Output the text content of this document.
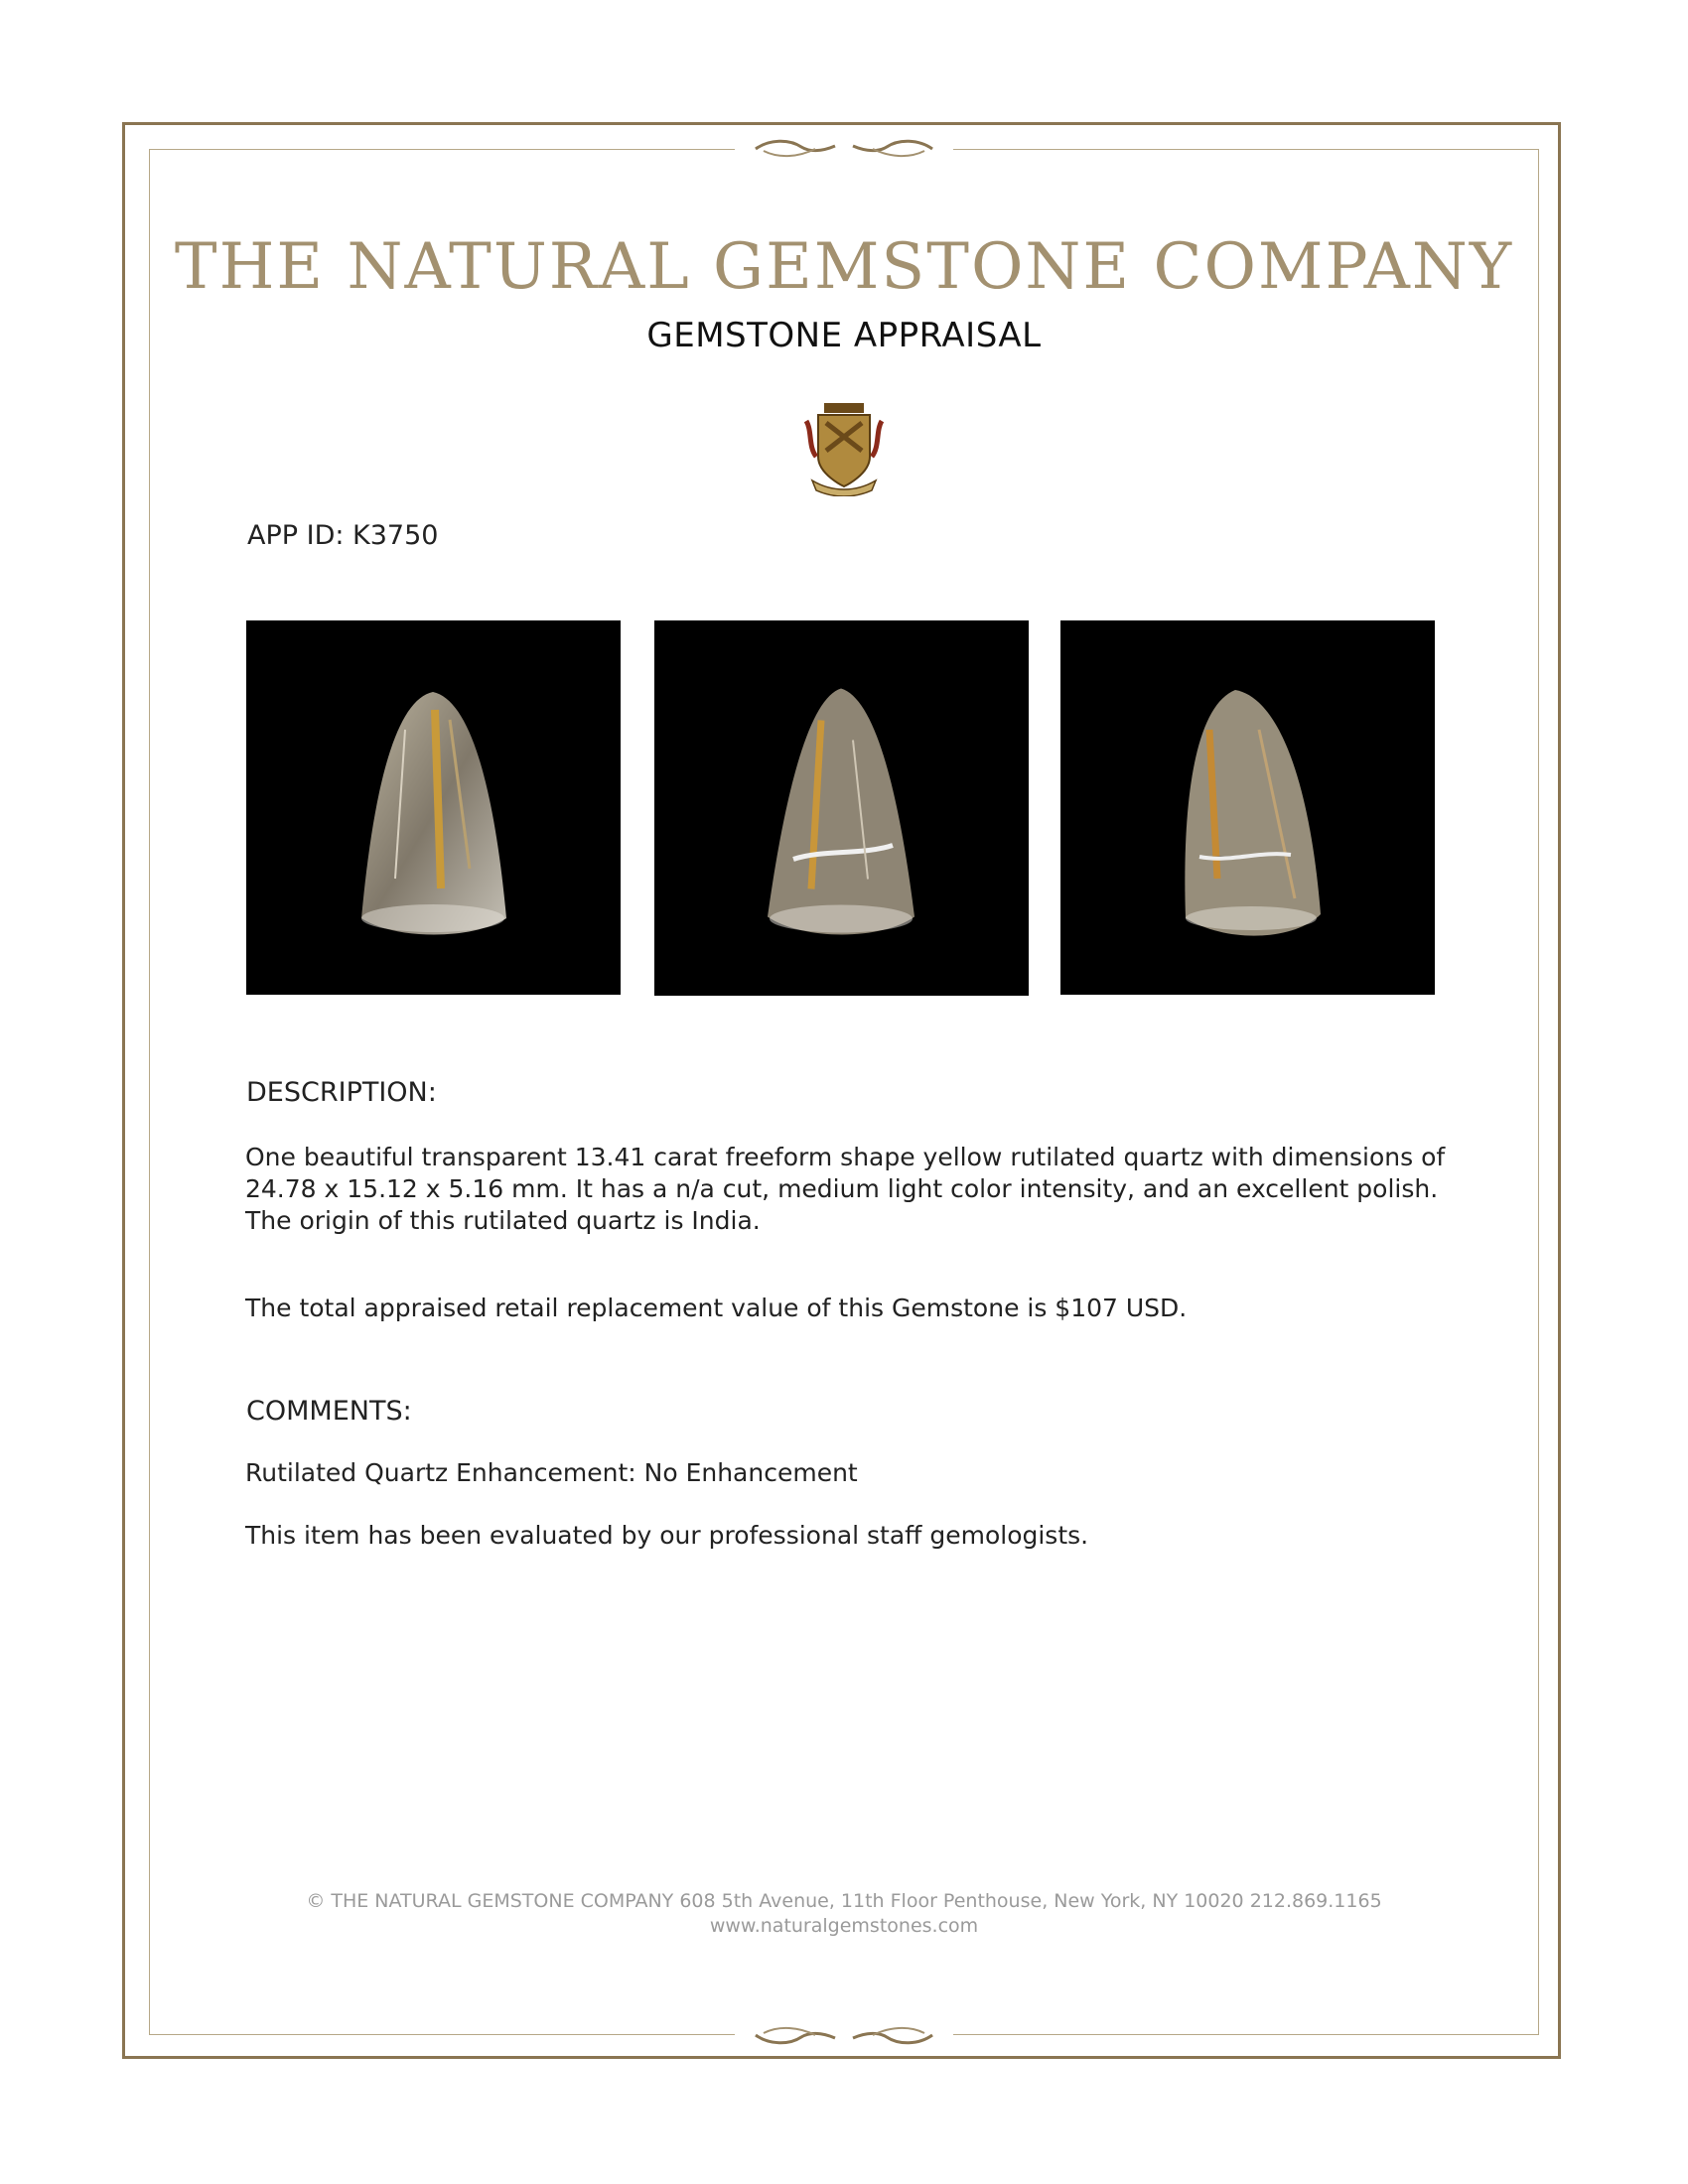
THE NATURAL GEMSTONE COMPANY
GEMSTONE APPRAISAL
APP ID: K3750
DESCRIPTION:
One beautiful transparent 13.41 carat freeform shape yellow rutilated quartz with dimensions of 24.78 x 15.12 x 5.16 mm. It has a n/a cut, medium light color intensity, and an excellent polish. The origin of this rutilated quartz is India.
The total appraised retail replacement value of this Gemstone is $107 USD.
COMMENTS:
Rutilated Quartz Enhancement: No Enhancement
This item has been evaluated by our professional staff gemologists.
© THE NATURAL GEMSTONE COMPANY 608 5th Avenue, 11th Floor Penthouse, New York, NY 10020 212.869.1165
www.naturalgemstones.com
